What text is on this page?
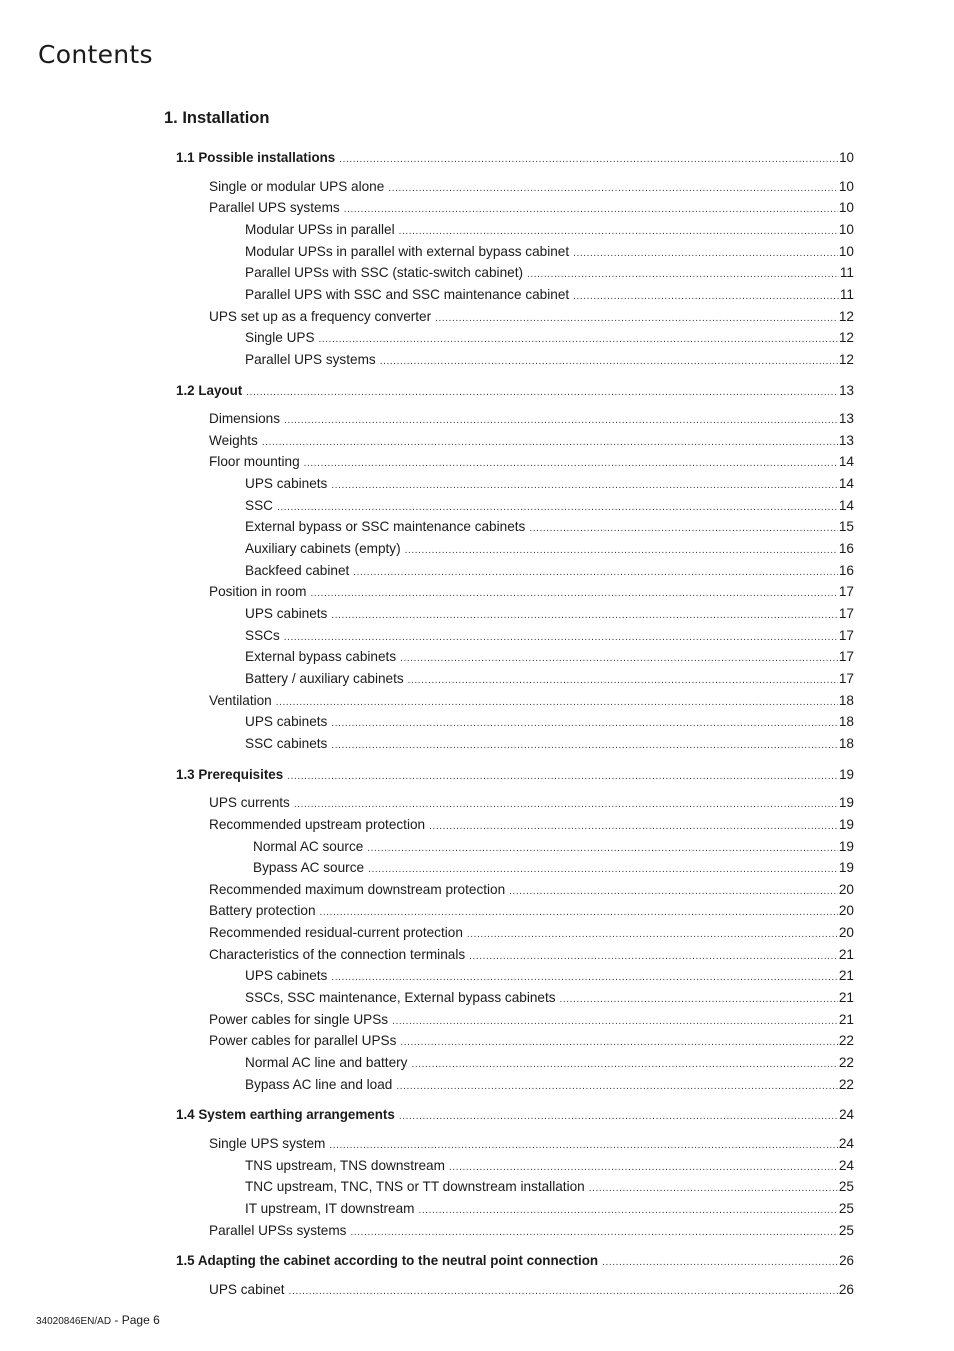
Contents
1. Installation
1.1 Possible installations .....	10
Single or modular UPS alone .....	10
Parallel UPS systems .....	10
Modular UPSs in parallel .....	10
Modular UPSs in parallel with external bypass cabinet .....	10
Parallel UPSs with SSC (static-switch cabinet) .....	11
Parallel UPS with SSC and SSC maintenance cabinet .....	11
UPS set up as a frequency converter .....	12
Single UPS .....	12
Parallel UPS systems .....	12
1.2 Layout .....	13
Dimensions .....	13
Weights .....	13
Floor mounting .....	14
UPS cabinets .....	14
SSC .....	14
External bypass or SSC maintenance cabinets .....	15
Auxiliary cabinets (empty) .....	16
Backfeed cabinet .....	16
Position in room .....	17
UPS cabinets .....	17
SSCs .....	17
External bypass cabinets .....	17
Battery / auxiliary cabinets .....	17
Ventilation .....	18
UPS cabinets .....	18
SSC cabinets .....	18
1.3 Prerequisites .....	19
UPS currents .....	19
Recommended upstream protection .....	19
Normal AC source .....	19
Bypass AC source .....	19
Recommended maximum downstream protection .....	20
Battery protection .....	20
Recommended residual-current protection .....	20
Characteristics of the connection terminals .....	21
UPS cabinets .....	21
SSCs, SSC maintenance, External bypass cabinets .....	21
Power cables for single UPSs .....	21
Power cables for parallel UPSs .....	22
Normal AC line and battery .....	22
Bypass AC line and load .....	22
1.4 System earthing arrangements .....	24
Single UPS system .....	24
TNS upstream, TNS downstream .....	24
TNC upstream, TNC, TNS or TT downstream installation .....	25
IT upstream, IT downstream .....	25
Parallel UPSs systems .....	25
1.5 Adapting the cabinet according to the neutral point connection .....	26
UPS cabinet .....	26
34020846EN/AD - Page 6
